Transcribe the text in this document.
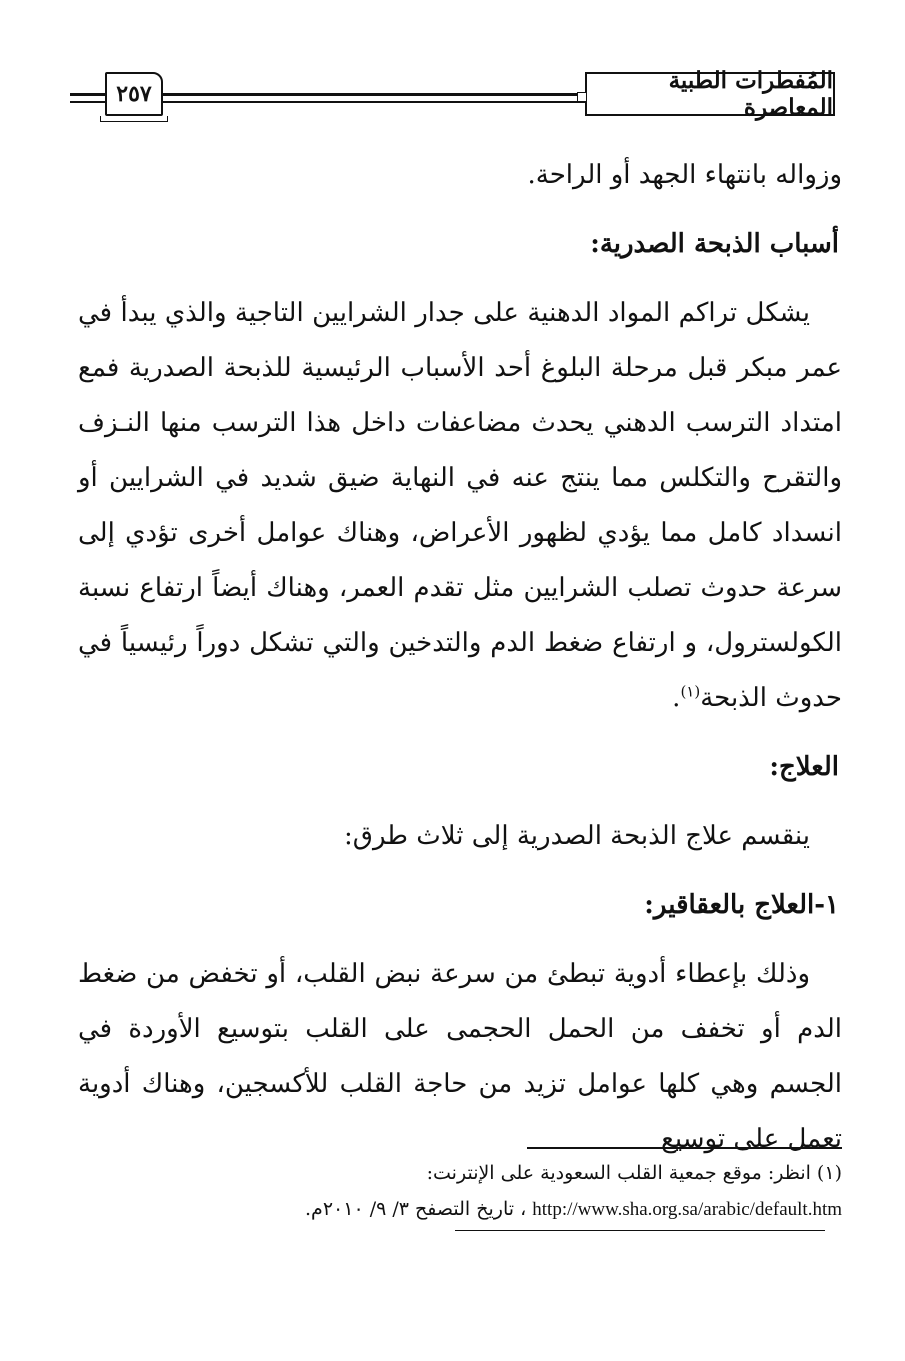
المُفطرات الطبية المعاصرة
٢٥٧

وزواله بانتهاء الجهد أو الراحة.

أسباب الذبحة الصدرية:

يشكل تراكم المواد الدهنية على جدار الشرايين التاجية والذي يبدأ في عمر مبكر قبل مرحلة البلوغ أحد الأسباب الرئيسية للذبحة الصدرية فمع امتداد الترسب الدهني يحدث مضاعفات داخل هذا الترسب منها النـزف والتقرح والتكلس مما ينتج عنه في النهاية ضيق شديد في الشرايين أو انسداد كامل مما يؤدي لظهور الأعراض، وهناك عوامل أخرى تؤدي إلى سرعة حدوث تصلب الشرايين مثل تقدم العمر، وهناك أيضاً ارتفاع نسبة الكولسترول، و ارتفاع ضغط الدم والتدخين والتي تشكل دوراً رئيسياً في حدوث الذبحة$^{(١)}$.

العلاج:

ينقسم علاج الذبحة الصدرية إلى ثلاث طرق:

١-العلاج بالعقاقير:

وذلك بإعطاء أدوية تبطئ من سرعة نبض القلب، أو تخفض من ضغط الدم أو تخفف من الحمل الحجمى على القلب بتوسيع الأوردة في الجسم وهي كلها عوامل تزيد من حاجة القلب للأكسجين، وهناك أدوية تعمل على توسيع

(١) انظر: موقع جمعية القلب السعودية على الإنترنت:

http://www.sha.org.sa/arabic/default.htm ، تاريخ التصفح ٣/ ٩/ ٢٠١٠م.
